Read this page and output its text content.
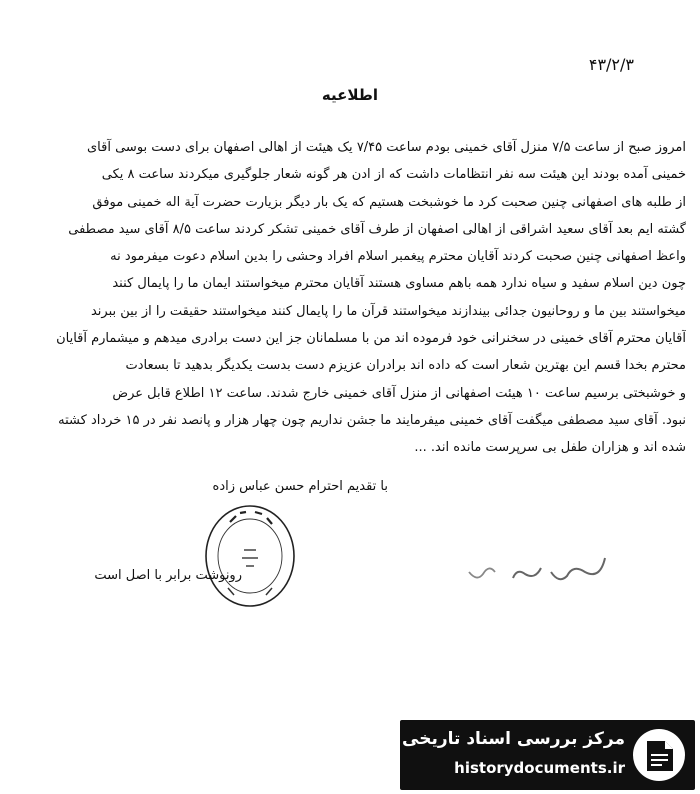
۴۳/۲/۳
اطلاعیه
امروز صبح از ساعت ۷/۵ منزل آقای خمینی بودم ساعت ۷/۴۵ یک هیئت از اهالی اصفهان برای دست بوسی آقای
خمینی آمده بودند این هیئت سه نفر انتظامات داشت که از ادن هر گونه شعار جلوگیری میکردند ساعت ۸ یکی
از طلبه های اصفهانی چنین صحبت کرد ما خوشبخت هستیم که یک بار دیگر بزیارت حضرت آیة اله خمینی موفق
گشته ایم بعد آقای سعید اشراقی از اهالی اصفهان از طرف آقای خمینی تشکر کردند ساعت ۸/۵ آقای سید مصطفی
واعظ اصفهانی چنین صحبت کردند آقایان محترم پیغمبر اسلام افراد وحشی را بدین اسلام دعوت میفرمود نه
چون دین اسلام سفید و سیاه ندارد همه باهم مساوی هستند آقایان محترم میخواستند ایمان ما را پایمال کنند
میخواستند بین ما و روحانیون جدائی بیندازند میخواستند قرآن ما را پایمال کنند میخواستند حقیقت را از بین ببرند
آقایان محترم آقای خمینی در سخنرانی خود فرموده اند من با مسلمانان جز این دست برادری میدهم و میشمارم آقایان
محترم بخدا قسم این بهترین شعار است که داده اند برادران عزیزم دست بدست یکدیگر بدهید تا بسعادت
و خوشبختی برسیم ساعت ۱۰ هیئت اصفهانی از منزل آقای خمینی خارج شدند. ساعت ۱۲ اطلاع قابل عرض
نبود. آقای سید مصطفی میگفت آقای خمینی میفرمایند ما جشن نداریم چون چهار هزار و پانصد نفر در ۱۵ خرداد کشته
شده اند و هزاران طفل بی سرپرست مانده اند. ...
با تقدیم احترام حسن عباس زاده
رونوشت برابر با اصل است
مرکز بررسی اسناد تاریخی
historydocuments.ir
